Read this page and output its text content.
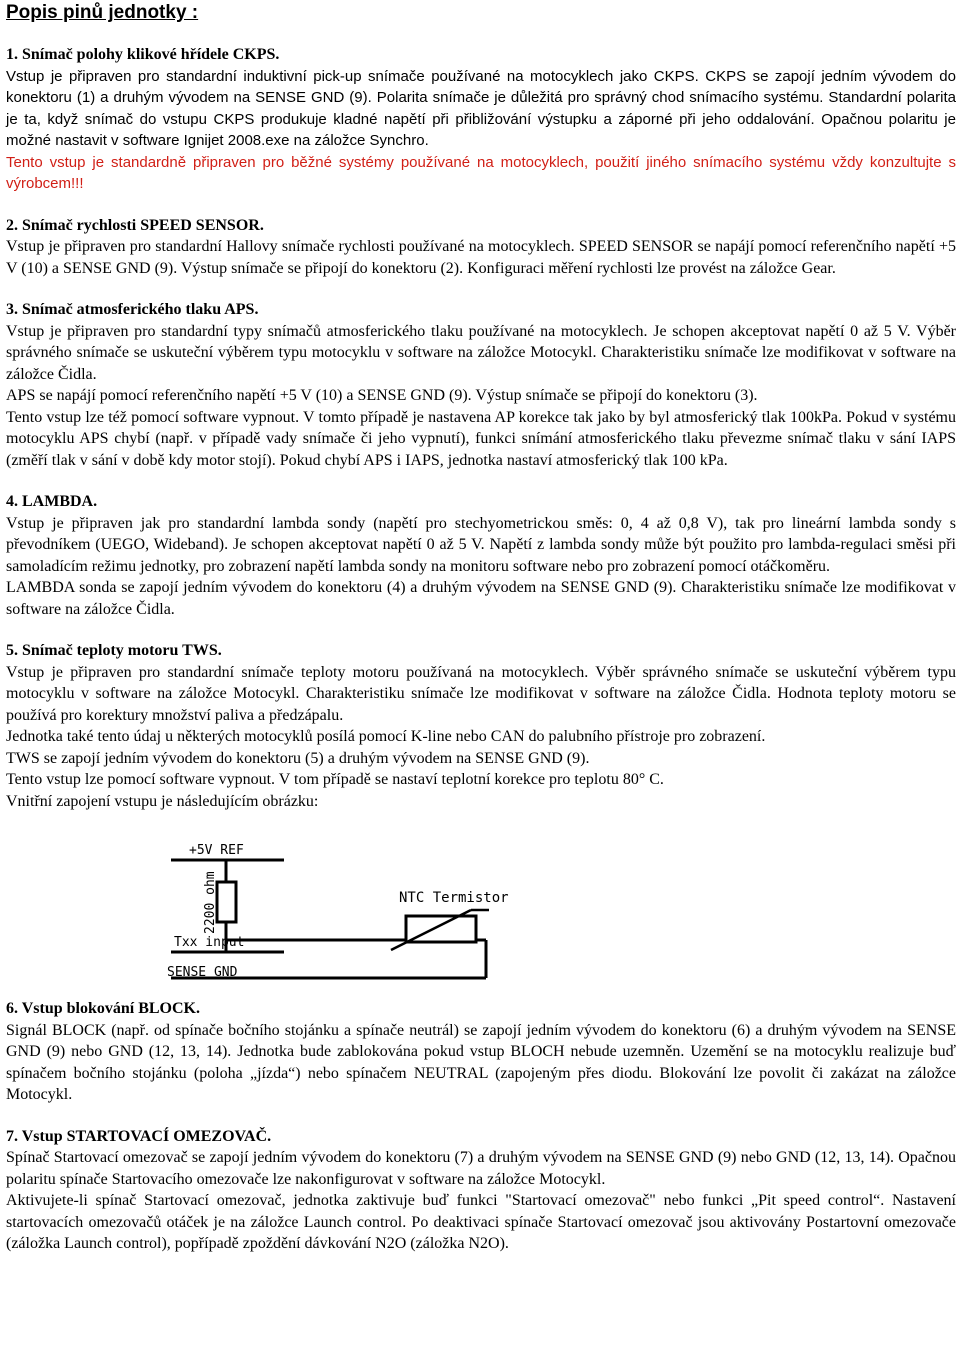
Popis pinů jednotky :
1. Snímač polohy klikové hřídele CKPS.

Vstup je připraven pro standardní induktivní pick-up snímače používané na motocyklech jako CKPS. CKPS se zapojí jedním vývodem do konektoru (1) a druhým vývodem na SENSE GND (9). Polarita snímače je důležitá pro správný chod snímacího systému. Standardní polarita je ta, když snímač do vstupu CKPS produkuje kladné napětí při přibližování výstupku a záporné při jeho oddalování. Opačnou polaritu je možné nastavit v software Ignijet 2008.exe na záložce Synchro.

Tento vstup je standardně připraven pro běžné systémy používané na motocyklech, použití jiného snímacího systému vždy konzultujte s výrobcem!!!

2. Snímač rychlosti SPEED SENSOR.

Vstup je připraven pro standardní Hallovy snímače rychlosti používané na motocyklech. SPEED SENSOR se napájí pomocí referenčního napětí +5 V (10) a SENSE GND (9). Výstup snímače se připojí do konektoru (2). Konfiguraci měření rychlosti lze provést na záložce Gear.

3. Snímač atmosferického tlaku APS.

Vstup je připraven pro standardní typy snímačů atmosferického tlaku používané na motocyklech. Je schopen akceptovat napětí 0 až 5 V. Výběr správného snímače se uskuteční výběrem typu motocyklu v software na záložce Motocykl. Charakteristiku snímače lze modifikovat v software na záložce Čidla.

APS se napájí pomocí referenčního napětí +5 V (10) a SENSE GND (9). Výstup snímače se připojí do konektoru (3).

Tento vstup lze též pomocí software vypnout. V tomto případě je nastavena AP korekce tak jako by byl atmosferický tlak 100kPa. Pokud v systému motocyklu APS chybí (např. v případě vady snímače či jeho vypnutí), funkci snímání atmosferického tlaku převezme snímač tlaku v sání IAPS (změří tlak v sání v době kdy motor stojí). Pokud chybí APS i IAPS, jednotka nastaví atmosferický tlak 100 kPa.

4. LAMBDA.

Vstup je připraven jak pro standardní lambda sondy (napětí pro stechyometrickou směs: 0, 4 až 0,8 V), tak pro lineární lambda sondy s převodníkem (UEGO, Wideband). Je schopen akceptovat napětí 0 až 5 V. Napětí z lambda sondy může být použito pro lambda-regulaci směsi při samoladícím režimu jednotky, pro zobrazení napětí lambda sondy na monitoru software nebo pro zobrazení pomocí otáčkoměru.

LAMBDA sonda se zapojí jedním vývodem do konektoru (4) a druhým vývodem na SENSE GND (9). Charakteristiku snímače lze modifikovat v software na záložce Čidla.

5. Snímač teploty motoru TWS.

Vstup je připraven pro standardní snímače teploty motoru používaná na motocyklech. Výběr správného snímače se uskuteční výběrem typu motocyklu v software na záložce Motocykl. Charakteristiku snímače lze modifikovat v software na záložce Čidla. Hodnota teploty motoru se používá pro korektury množství paliva a předzápalu.

Jednotka také tento údaj u některých motocyklů posílá pomocí K-line nebo CAN do palubního přístroje pro zobrazení.

TWS se zapojí jedním vývodem do konektoru (5) a druhým vývodem na SENSE GND (9).

Tento vstup lze pomocí software vypnout. V tom případě se nastaví teplotní korekce pro teplotu 80° C.

Vnitřní zapojení vstupu je následujícím obrázku:

+5V REF
2200 ohm	NTC Termistor
Txx input
SENSE GND
6. Vstup blokování BLOCK.

Signál BLOCK (např. od spínače bočního stojánku a spínače neutrál) se zapojí jedním vývodem do konektoru (6) a druhým vývodem na SENSE GND (9) nebo GND (12, 13, 14). Jednotka bude zablokována pokud vstup BLOCH nebude uzemněn. Uzemění se na motocyklu realizuje buď spínačem bočního stojánku (poloha „jízda“) nebo spínačem NEUTRAL (zapojeným přes diodu. Blokování lze povolit či zakázat na záložce Motocykl.

7. Vstup STARTOVACÍ OMEZOVAČ.

Spínač Startovací omezovač se zapojí jedním vývodem do konektoru (7) a druhým vývodem na SENSE GND (9) nebo GND (12, 13, 14). Opačnou polaritu spínače Startovacího omezovače lze nakonfigurovat v software na záložce Motocykl.

Aktivujete-li spínač Startovací omezovač, jednotka zaktivuje buď funkci "Startovací omezovač" nebo funkci „Pit speed control“. Nastavení startovacích omezovačů otáček je na záložce Launch control. Po deaktivaci spínače Startovací omezovač jsou aktivovány Postartovní omezovače (záložka Launch control), popřípadě zpoždění dávkování N2O (záložka N2O).
